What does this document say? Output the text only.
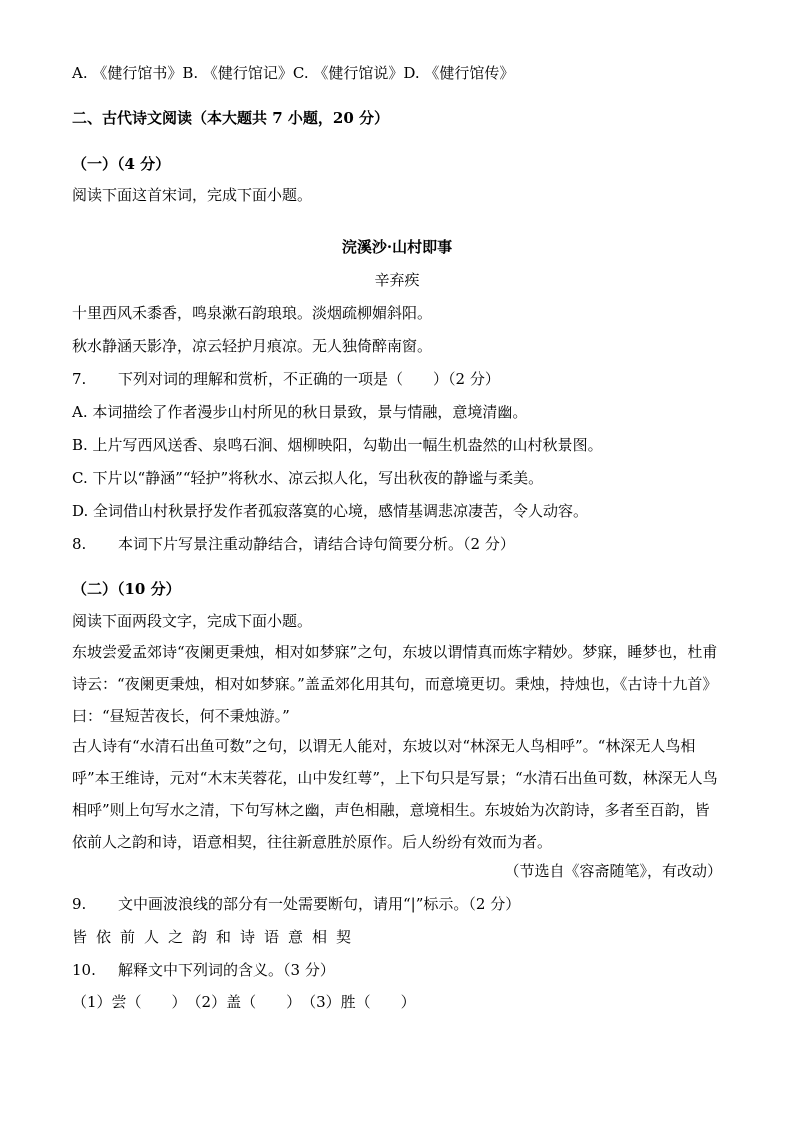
A. 《健行馆书》B. 《健行馆记》C. 《健行馆说》D. 《健行馆传》
二、古代诗文阅读（本大题共 7 小题，20 分）
（一）（4 分）
阅读下面这首宋词，完成下面小题。
浣溪沙·山村即事
辛弃疾
十里西风禾黍香，鸣泉漱石韵琅琅。淡烟疏柳媚斜阳。
秋水静涵天影净，凉云轻护月痕凉。无人独倚醉南窗。
7. 下列对词的理解和赏析，不正确的一项是（　　）（2 分）
A. 本词描绘了作者漫步山村所见的秋日景致，景与情融，意境清幽。
B. 上片写西风送香、泉鸣石涧、烟柳映阳，勾勒出一幅生机盎然的山村秋景图。
C. 下片以“静涵”“轻护”将秋水、凉云拟人化，写出秋夜的静谧与柔美。
D. 全词借山村秋景抒发作者孤寂落寞的心境，感情基调悲凉凄苦，令人动容。
8. 本词下片写景注重动静结合，请结合诗句简要分析。（2 分）
（二）（10 分）
阅读下面两段文字，完成下面小题。
东坡尝爱孟郊诗“夜阑更秉烛，相对如梦寐”之句，东坡以谓情真而炼字精妙。梦寐，睡梦也，杜甫诗云：“夜阑更秉烛，相对如梦寐。”盖孟郊化用其句，而意境更切。秉烛，持烛也，《古诗十九首》曰：“昼短苦夜长，何不秉烛游。”
古人诗有“水清石出鱼可数”之句，以谓无人能对，东坡以对“林深无人鸟相呼”。“林深无人鸟相呼”本王维诗，元对“木末芙蓉花，山中发红萼”，上下句只是写景；“水清石出鱼可数，林深无人鸟相呼”则上句写水之清，下句写林之幽，声色相融，意境相生。东坡始为次韵诗，多者至百韵，皆依前人之韵和诗，语意相契，往往新意胜於原作。后人纷纷有效而为者。
（节选自《容斋随笔》，有改动）
9. 文中画波浪线的部分有一处需要断句，请用“|”标示。（2 分）
皆依前人之韵和诗语意相契
10. 解释文中下列词的含义。（3 分）
（1）尝（　　）　（2）盖（　　）　（3）胜（　　）
